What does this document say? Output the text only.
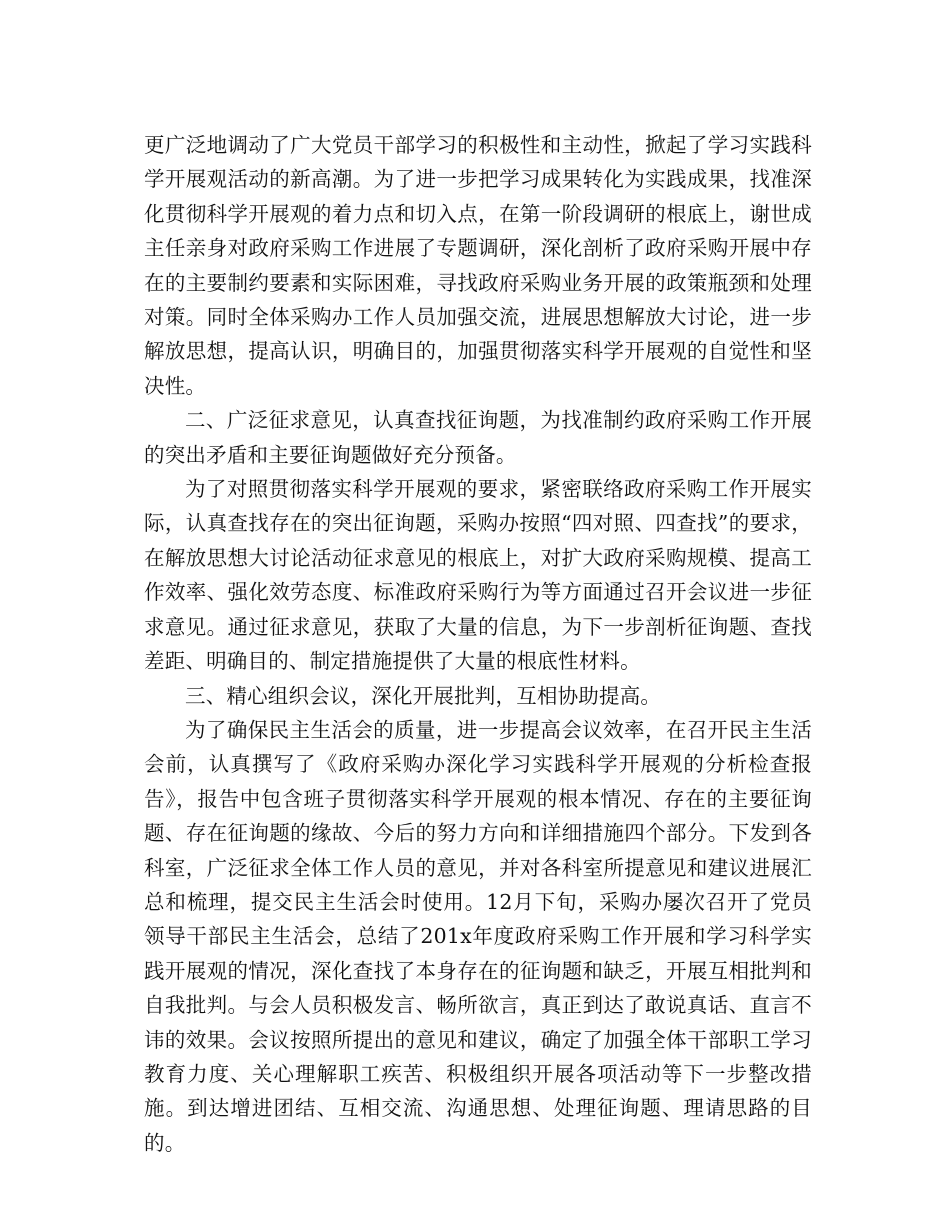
更广泛地调动了广大党员干部学习的积极性和主动性，掀起了学习实践科学开展观活动的新高潮。为了进一步把学习成果转化为实践成果，找准深化贯彻科学开展观的着力点和切入点，在第一阶段调研的根底上，谢世成主任亲身对政府采购工作进展了专题调研，深化剖析了政府采购开展中存在的主要制约要素和实际困难，寻找政府采购业务开展的政策瓶颈和处理对策。同时全体采购办工作人员加强交流，进展思想解放大讨论，进一步解放思想，提高认识，明确目的，加强贯彻落实科学开展观的自觉性和坚决性。

二、广泛征求意见，认真查找征询题，为找准制约政府采购工作开展的突出矛盾和主要征询题做好充分预备。

为了对照贯彻落实科学开展观的要求，紧密联络政府采购工作开展实际，认真查找存在的突出征询题，采购办按照“四对照、四查找”的要求，在解放思想大讨论活动征求意见的根底上，对扩大政府采购规模、提高工作效率、强化效劳态度、标准政府采购行为等方面通过召开会议进一步征求意见。通过征求意见，获取了大量的信息，为下一步剖析征询题、查找差距、明确目的、制定措施提供了大量的根底性材料。

三、精心组织会议，深化开展批判，互相协助提高。

为了确保民主生活会的质量，进一步提高会议效率，在召开民主生活会前，认真撰写了《政府采购办深化学习实践科学开展观的分析检查报告》，报告中包含班子贯彻落实科学开展观的根本情况、存在的主要征询题、存在征询题的缘故、今后的努力方向和详细措施四个部分。下发到各科室，广泛征求全体工作人员的意见，并对各科室所提意见和建议进展汇总和梳理，提交民主生活会时使用。12月下旬，采购办屡次召开了党员领导干部民主生活会，总结了201x年度政府采购工作开展和学习科学实践开展观的情况，深化查找了本身存在的征询题和缺乏，开展互相批判和自我批判。与会人员积极发言、畅所欲言，真正到达了敢说真话、直言不讳的效果。会议按照所提出的意见和建议，确定了加强全体干部职工学习教育力度、关心理解职工疾苦、积极组织开展各项活动等下一步整改措施。到达增进团结、互相交流、沟通思想、处理征询题、理请思路的目的。
